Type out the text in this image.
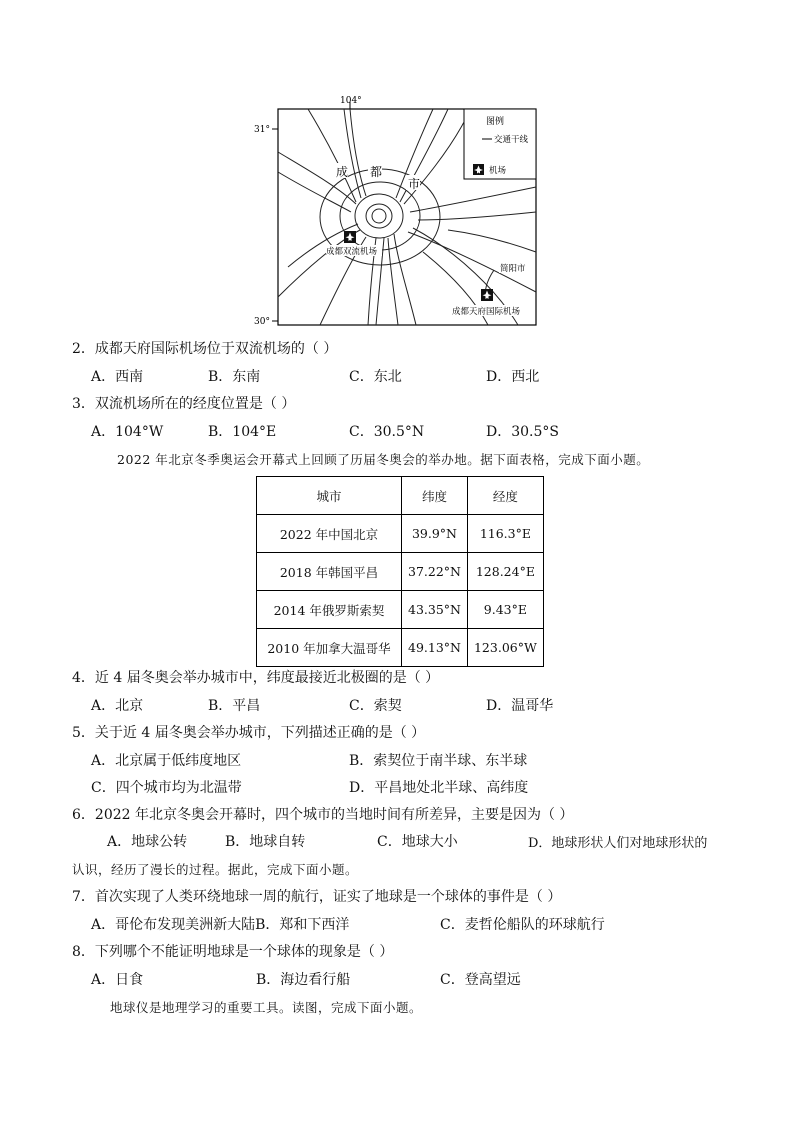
104°
31°
30°
图例
交通干线
机场
成 都
市
成都双流机场
简阳市
成都天府国际机场
2．成都天府国际机场位于双流机场的（ ）
A．西南	B．东南	C．东北	D．西北
3．双流机场所在的经度位置是（ ）
A．104°W	B．104°E	C．30.5°N	D．30.5°S
2022 年北京冬季奥运会开幕式上回顾了历届冬奥会的举办地。据下面表格，完成下面小题。
城市	纬度	经度
2022 年中国北京	39.9°N	116.3°E
2018 年韩国平昌	37.22°N	128.24°E
2014 年俄罗斯索契	43.35°N	9.43°E
2010 年加拿大温哥华	49.13°N	123.06°W
4．近 4 届冬奥会举办城市中，纬度最接近北极圈的是（ ）
A．北京	B．平昌	C．索契	D．温哥华
5．关于近 4 届冬奥会举办城市，下列描述正确的是（ ）
A．北京属于低纬度地区	B．索契位于南半球、东半球
C．四个城市均为北温带	D．平昌地处北半球、高纬度
6．2022 年北京冬奥会开幕时，四个城市的当地时间有所差异，主要是因为（ ）
A．地球公转	B．地球自转	C．地球大小	D．地球形状人们对地球形状的
认识，经历了漫长的过程。据此，完成下面小题。
7．首次实现了人类环绕地球一周的航行，证实了地球是一个球体的事件是（ ）
A．哥伦布发现美洲新大陆B．郑和下西洋	C．麦哲伦船队的环球航行
8．下列哪个不能证明地球是一个球体的现象是（ ）
A．日食	B．海边看行船	C．登高望远
地球仪是地理学习的重要工具。读图，完成下面小题。
